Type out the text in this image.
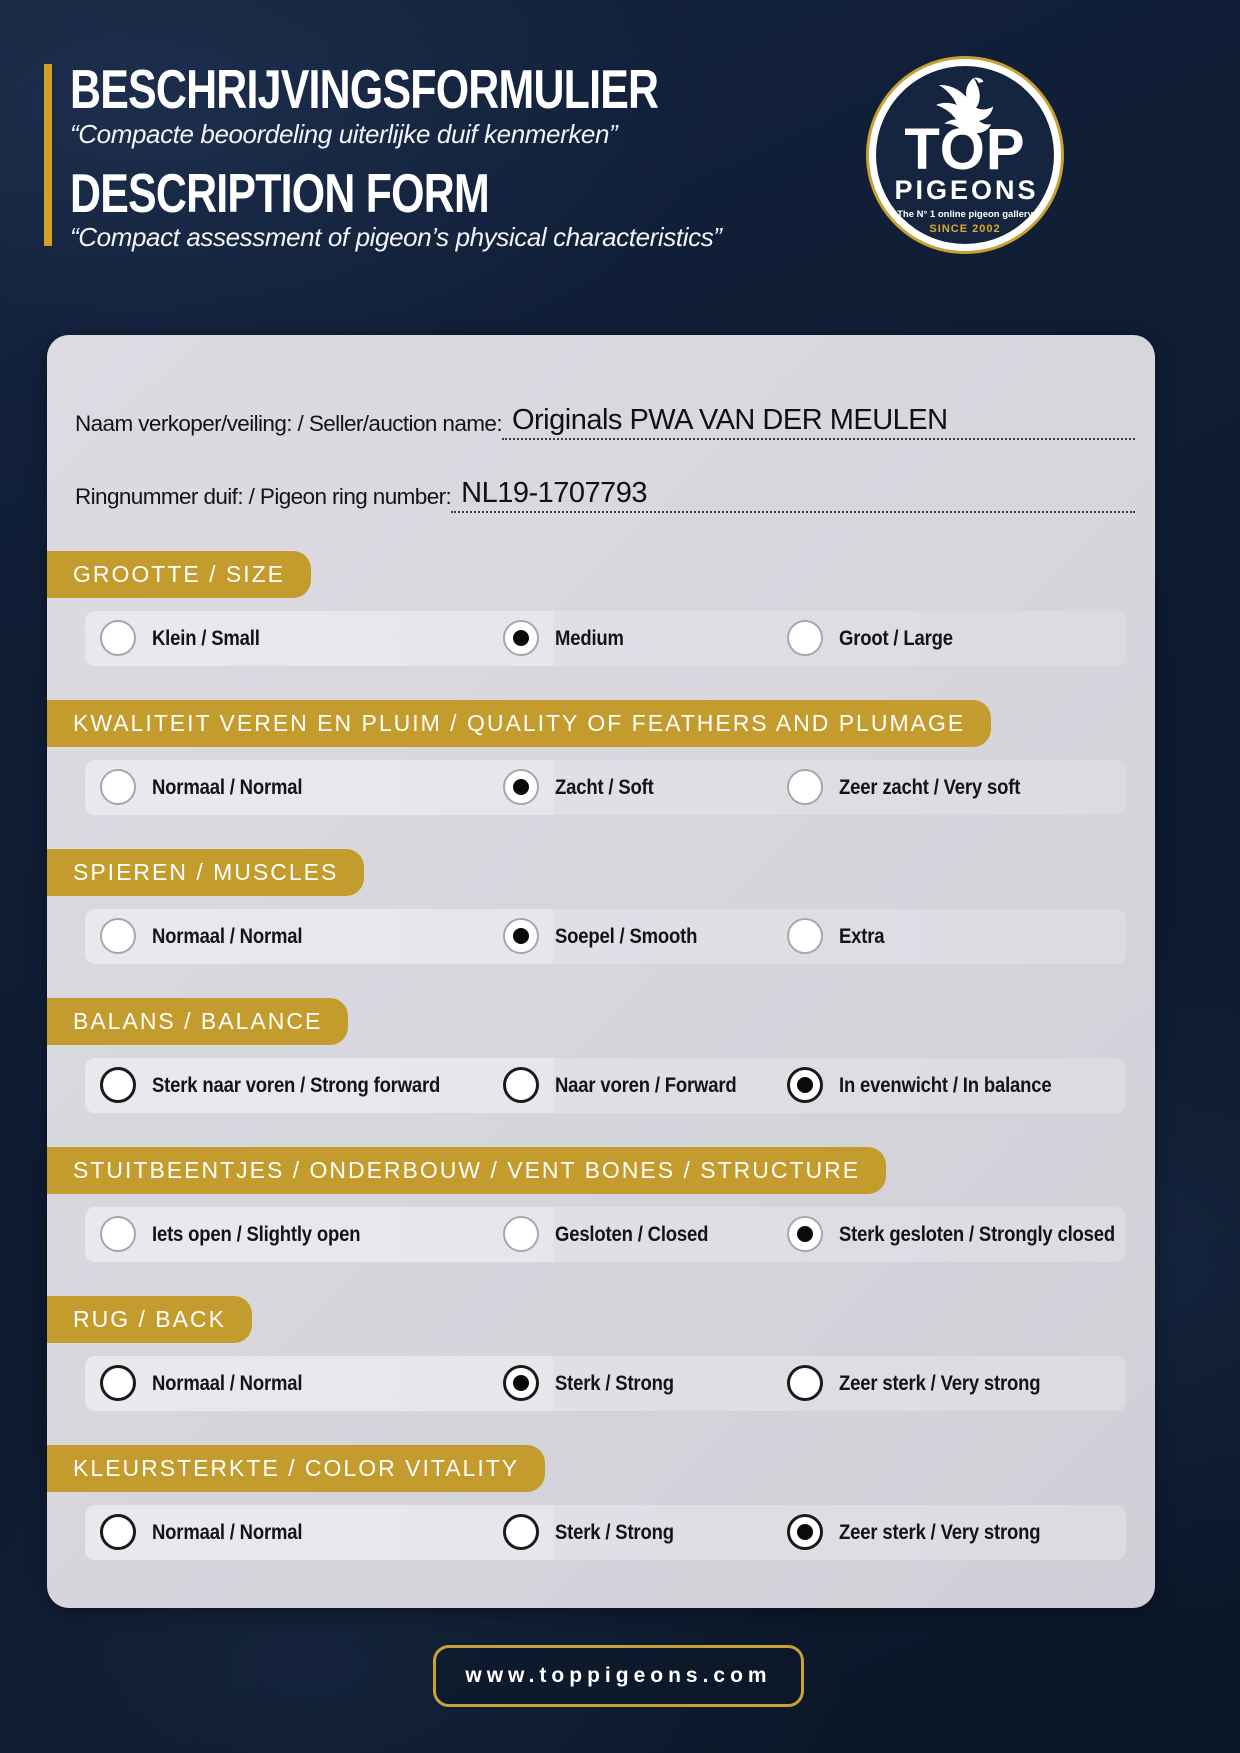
BESCHRIJVINGSFORMULIER
“Compacte beoordeling uiterlijke duif kenmerken”
DESCRIPTION FORM
“Compact assessment of pigeon’s physical characteristics”
TOP
PIGEONS
The N° 1 online pigeon gallery
SINCE 2002
Naam verkoper/veiling: / Seller/auction name: Originals PWA VAN DER MEULEN
Ringnummer duif: / Pigeon ring number: NL19-1707793
GROOTTE / SIZE
Klein / Small	Medium	Groot / Large
KWALITEIT VEREN EN PLUIM / QUALITY OF FEATHERS AND PLUMAGE
Normaal / Normal	Zacht / Soft	Zeer zacht / Very soft
SPIEREN / MUSCLES
Normaal / Normal	Soepel / Smooth	Extra
BALANS / BALANCE
Sterk naar voren / Strong forward	Naar voren / Forward	In evenwicht / In balance
STUITBEENTJES / ONDERBOUW / VENT BONES / STRUCTURE
Iets open / Slightly open	Gesloten / Closed	Sterk gesloten / Strongly closed
RUG / BACK
Normaal / Normal	Sterk / Strong	Zeer sterk / Very strong
KLEURSTERKTE / COLOR VITALITY
Normaal / Normal	Sterk / Strong	Zeer sterk / Very strong
www.toppigeons.com
